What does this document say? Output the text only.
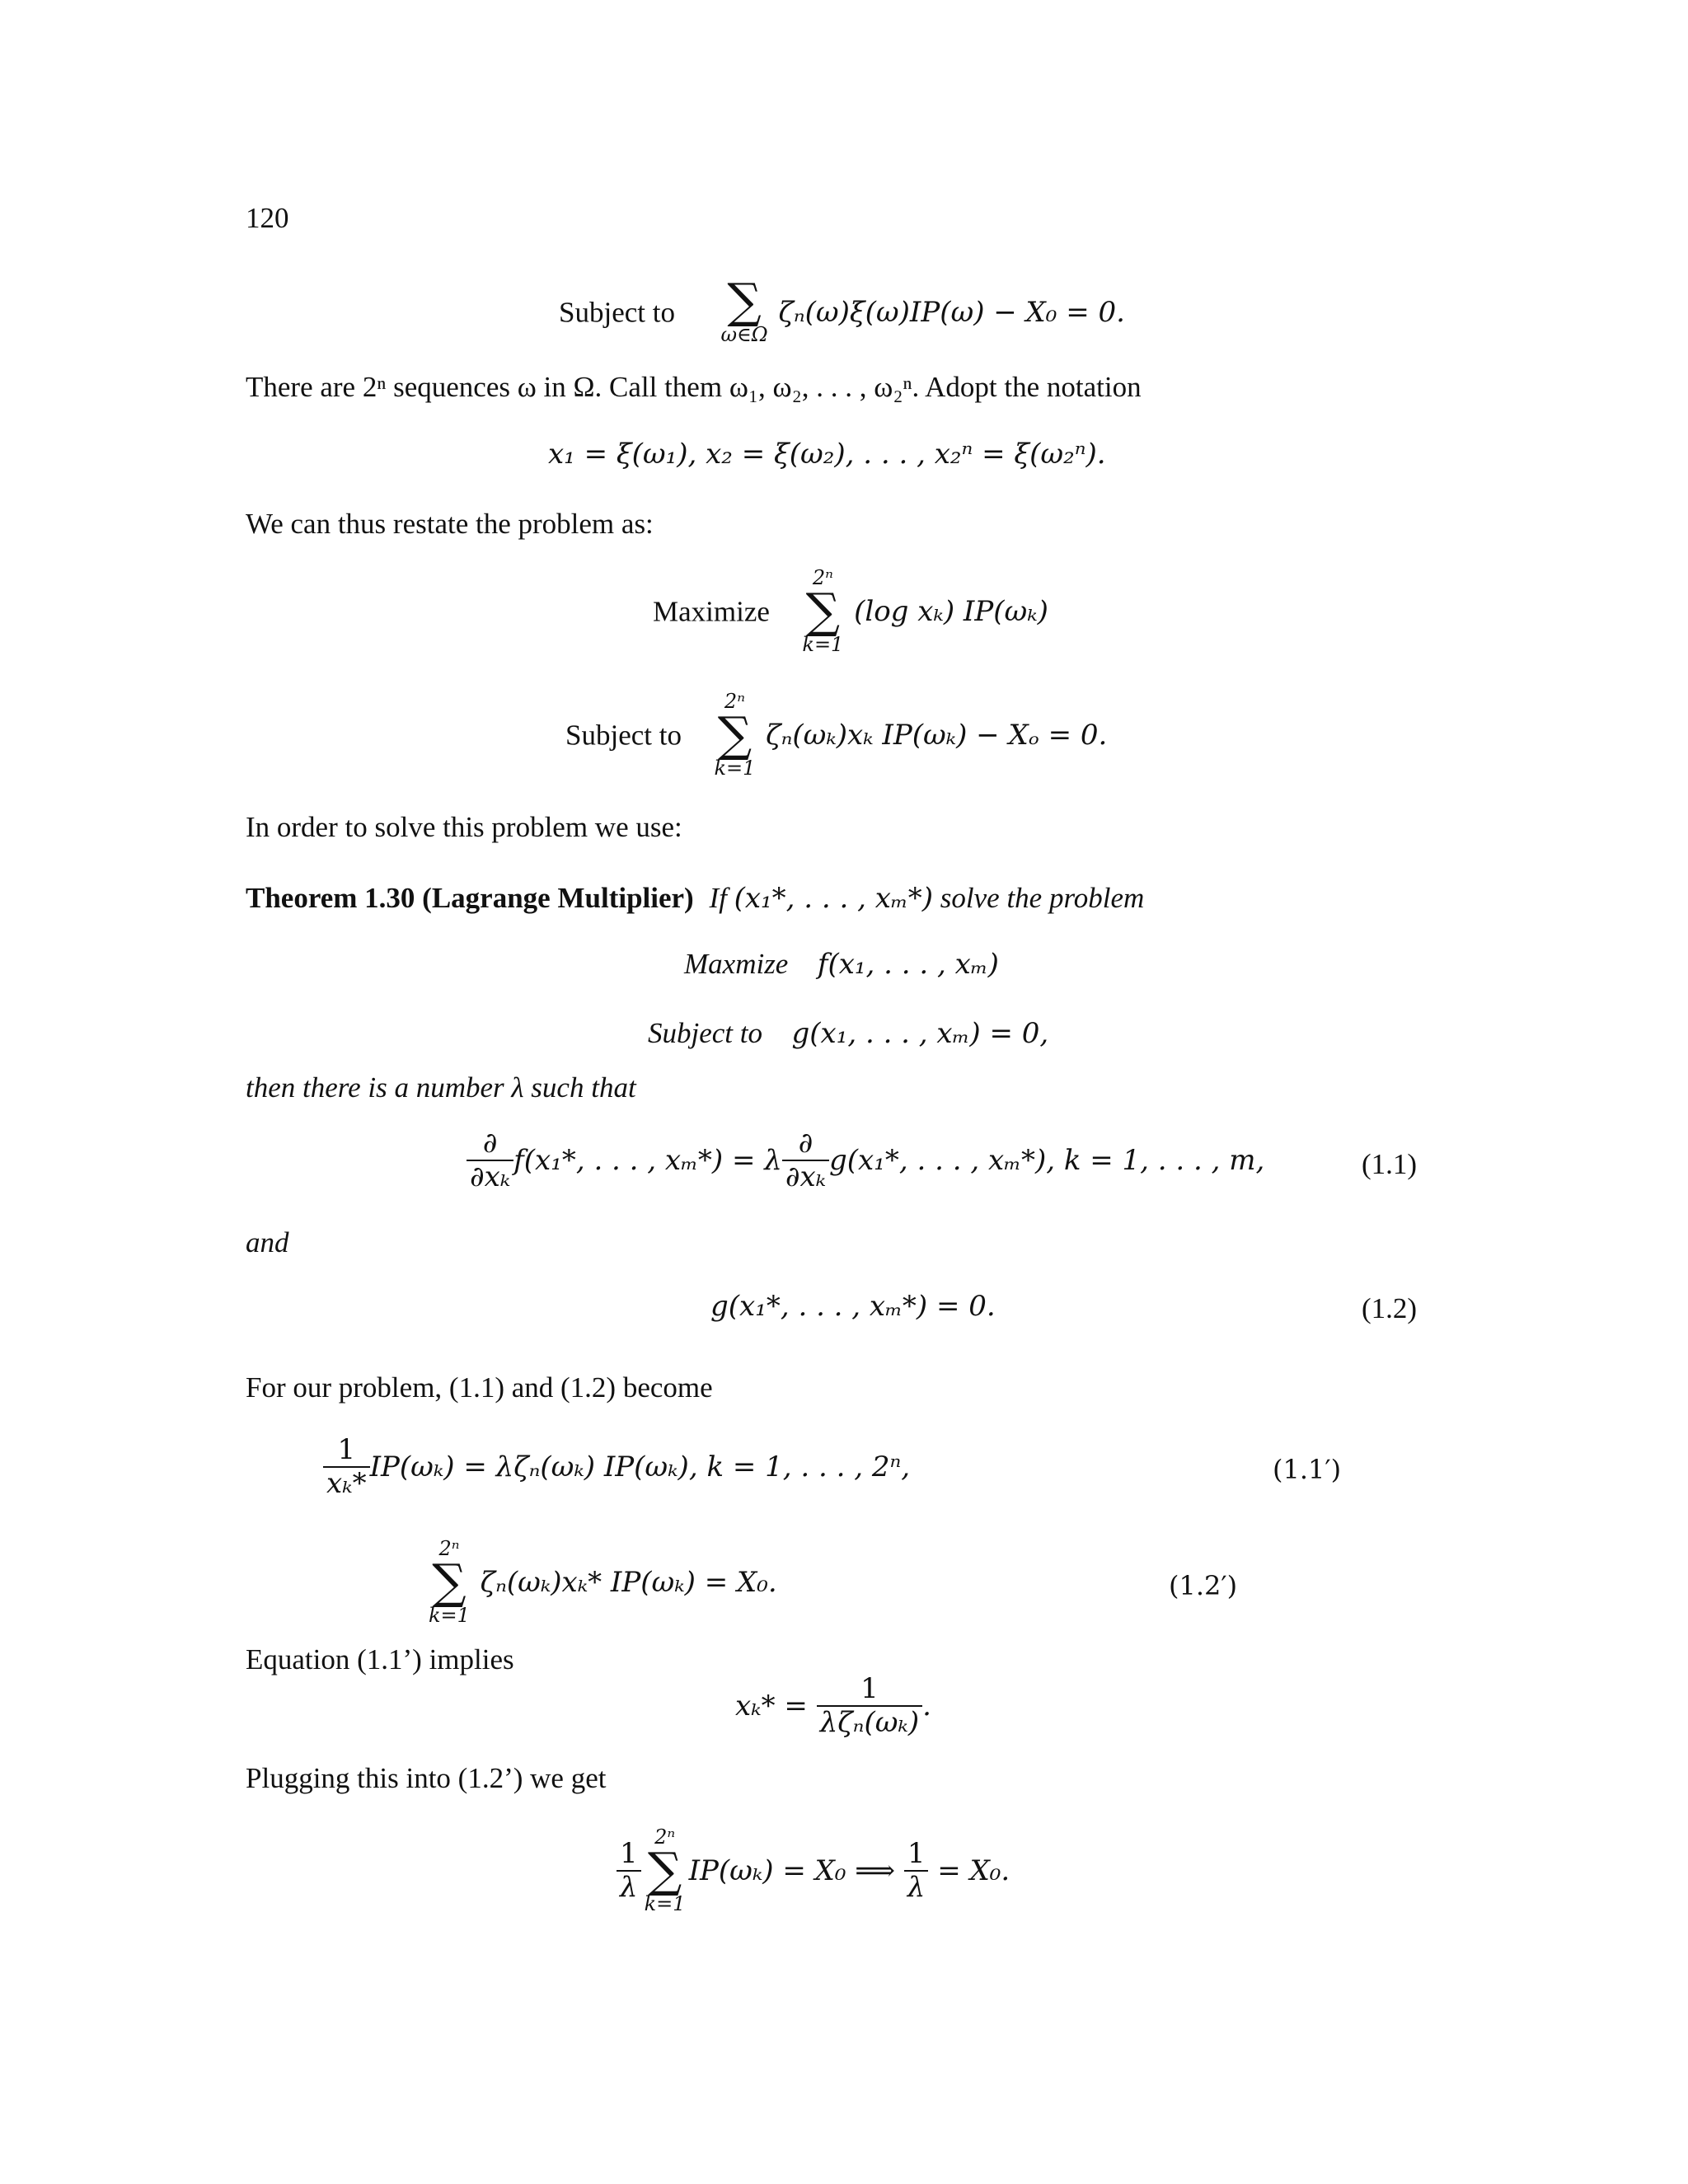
120
Subject to ∑
ω∈Ω
ζₙ(ω)ξ(ω)IP(ω) − X₀ = 0.
There are 2ⁿ sequences ω in Ω. Call them ω₁, ω₂, . . . , ω₂ⁿ. Adopt the notation
x₁ = ξ(ω₁), x₂ = ξ(ω₂), . . . , x₂ⁿ = ξ(ω₂ⁿ).
We can thus restate the problem as:
Maximize
2ⁿ
∑
k=1
(log xₖ) IP(ωₖ)
Subject to
2ⁿ
∑
k=1
ζₙ(ωₖ)xₖ IP(ωₖ) − Xₒ = 0.
In order to solve this problem we use:
Theorem 1.30 (Lagrange Multiplier) If (x₁*, . . . , xₘ*) solve the problem
Maxmize f(x₁, . . . , xₘ)
Subject to g(x₁, . . . , xₘ) = 0,
then there is a number λ such that
$\frac{\partial}{\text{∂xₖ}} f(x_1*$, . . . , xₘ*) = λ $\frac{\partial}{\text{∂xₖ}} g(x_1*$, . . . , xₘ*), k = 1, . . . , m,	(1.1)
and
g(x₁*, . . . , xₘ*) = 0.	(1.2)
For our problem, (1.1) and (1.2) become
$\frac{1}{\text{xₖ*}} IP(\omega_k) = \lambda\zeta_n(\omega_k)$ IP(ωₖ), k = 1, . . . , 2ⁿ,	(1.1′)
2ⁿ
∑
k=1
ζₙ(ωₖ)xₖ* IP(ωₖ) = X₀.	(1.2′)
Equation (1.1’) implies
$x_k* = \frac{1}{\text{λζₙ(ωₖ)}}$ .
Plugging this into (1.2’) we get
$\frac{1}{\lambda}$
2ⁿ
∑
k=1
IP(ωₖ) = X₀ ⟹ $\frac{1}{\lambda} = X_0$.
